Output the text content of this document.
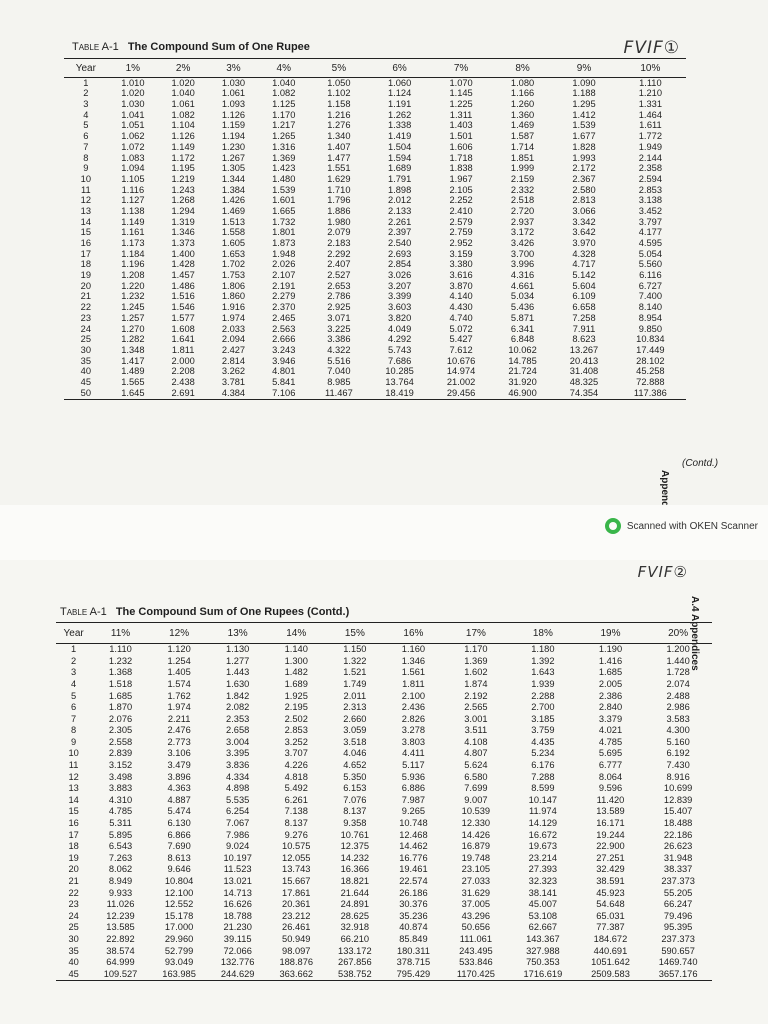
FVIF①
Table A-1 The Compound Sum of One Rupee
Year	1%	2%	3%	4%	5%	6%	7%	8%	9%	10%
1	1.010	1.020	1.030	1.040	1.050	1.060	1.070	1.080	1.090	1.110
2	1.020	1.040	1.061	1.082	1.102	1.124	1.145	1.166	1.188	1.210
3	1.030	1.061	1.093	1.125	1.158	1.191	1.225	1.260	1.295	1.331
4	1.041	1.082	1.126	1.170	1.216	1.262	1.311	1.360	1.412	1.464
5	1.051	1.104	1.159	1.217	1.276	1.338	1.403	1.469	1.539	1.611
6	1.062	1.126	1.194	1.265	1.340	1.419	1.501	1.587	1.677	1.772
7	1.072	1.149	1.230	1.316	1.407	1.504	1.606	1.714	1.828	1.949
8	1.083	1.172	1.267	1.369	1.477	1.594	1.718	1.851	1.993	2.144
9	1.094	1.195	1.305	1.423	1.551	1.689	1.838	1.999	2.172	2.358
10	1.105	1.219	1.344	1.480	1.629	1.791	1.967	2.159	2.367	2.594
11	1.116	1.243	1.384	1.539	1.710	1.898	2.105	2.332	2.580	2.853
12	1.127	1.268	1.426	1.601	1.796	2.012	2.252	2.518	2.813	3.138
13	1.138	1.294	1.469	1.665	1.886	2.133	2.410	2.720	3.066	3.452
14	1.149	1.319	1.513	1.732	1.980	2.261	2.579	2.937	3.342	3.797
15	1.161	1.346	1.558	1.801	2.079	2.397	2.759	3.172	3.642	4.177
16	1.173	1.373	1.605	1.873	2.183	2.540	2.952	3.426	3.970	4.595
17	1.184	1.400	1.653	1.948	2.292	2.693	3.159	3.700	4.328	5.054
18	1.196	1.428	1.702	2.026	2.407	2.854	3.380	3.996	4.717	5.560
19	1.208	1.457	1.753	2.107	2.527	3.026	3.616	4.316	5.142	6.116
20	1.220	1.486	1.806	2.191	2.653	3.207	3.870	4.661	5.604	6.727
21	1.232	1.516	1.860	2.279	2.786	3.399	4.140	5.034	6.109	7.400
22	1.245	1.546	1.916	2.370	2.925	3.603	4.430	5.436	6.658	8.140
23	1.257	1.577	1.974	2.465	3.071	3.820	4.740	5.871	7.258	8.954
24	1.270	1.608	2.033	2.563	3.225	4.049	5.072	6.341	7.911	9.850
25	1.282	1.641	2.094	2.666	3.386	4.292	5.427	6.848	8.623	10.834
30	1.348	1.811	2.427	3.243	4.322	5.743	7.612	10.062	13.267	17.449
35	1.417	2.000	2.814	3.946	5.516	7.686	10.676	14.785	20.413	28.102
40	1.489	2.208	3.262	4.801	7.040	10.285	14.974	21.724	31.408	45.258
45	1.565	2.438	3.781	5.841	8.985	13.764	21.002	31.920	48.325	72.888
50	1.645	2.691	4.384	7.106	11.467	18.419	29.456	46.900	74.354	117.386
(Contd.)
Scanned with OKEN Scanner
FVIF②
A.4 Appendices
Table A-1 The Compound Sum of One Rupees (Contd.)
Year	11%	12%	13%	14%	15%	16%	17%	18%	19%	20%
1	1.110	1.120	1.130	1.140	1.150	1.160	1.170	1.180	1.190	1.200
2	1.232	1.254	1.277	1.300	1.322	1.346	1.369	1.392	1.416	1.440
3	1.368	1.405	1.443	1.482	1.521	1.561	1.602	1.643	1.685	1.728
4	1.518	1.574	1.630	1.689	1.749	1.811	1.874	1.939	2.005	2.074
5	1.685	1.762	1.842	1.925	2.011	2.100	2.192	2.288	2.386	2.488
6	1.870	1.974	2.082	2.195	2.313	2.436	2.565	2.700	2.840	2.986
7	2.076	2.211	2.353	2.502	2.660	2.826	3.001	3.185	3.379	3.583
8	2.305	2.476	2.658	2.853	3.059	3.278	3.511	3.759	4.021	4.300
9	2.558	2.773	3.004	3.252	3.518	3.803	4.108	4.435	4.785	5.160
10	2.839	3.106	3.395	3.707	4.046	4.411	4.807	5.234	5.695	6.192
11	3.152	3.479	3.836	4.226	4.652	5.117	5.624	6.176	6.777	7.430
12	3.498	3.896	4.334	4.818	5.350	5.936	6.580	7.288	8.064	8.916
13	3.883	4.363	4.898	5.492	6.153	6.886	7.699	8.599	9.596	10.699
14	4.310	4.887	5.535	6.261	7.076	7.987	9.007	10.147	11.420	12.839
15	4.785	5.474	6.254	7.138	8.137	9.265	10.539	11.974	13.589	15.407
16	5.311	6.130	7.067	8.137	9.358	10.748	12.330	14.129	16.171	18.488
17	5.895	6.866	7.986	9.276	10.761	12.468	14.426	16.672	19.244	22.186
18	6.543	7.690	9.024	10.575	12.375	14.462	16.879	19.673	22.900	26.623
19	7.263	8.613	10.197	12.055	14.232	16.776	19.748	23.214	27.251	31.948
20	8.062	9.646	11.523	13.743	16.366	19.461	23.105	27.393	32.429	38.337
21	8.949	10.804	13.021	15.667	18.821	22.574	27.033	32.323	38.591	237.373
22	9.933	12.100	14.713	17.861	21.644	26.186	31.629	38.141	45.923	55.205
23	11.026	12.552	16.626	20.361	24.891	30.376	37.005	45.007	54.648	66.247
24	12.239	15.178	18.788	23.212	28.625	35.236	43.296	53.108	65.031	79.496
25	13.585	17.000	21.230	26.461	32.918	40.874	50.656	62.667	77.387	95.395
30	22.892	29.960	39.115	50.949	66.210	85.849	111.061	143.367	184.672	237.373
35	38.574	52.799	72.066	98.097	133.172	180.311	243.495	327.988	440.691	590.657
40	64.999	93.049	132.776	188.876	267.856	378.715	533.846	750.353	1051.642	1469.740
45	109.527	163.985	244.629	363.662	538.752	795.429	1170.425	1716.619	2509.583	3657.176
